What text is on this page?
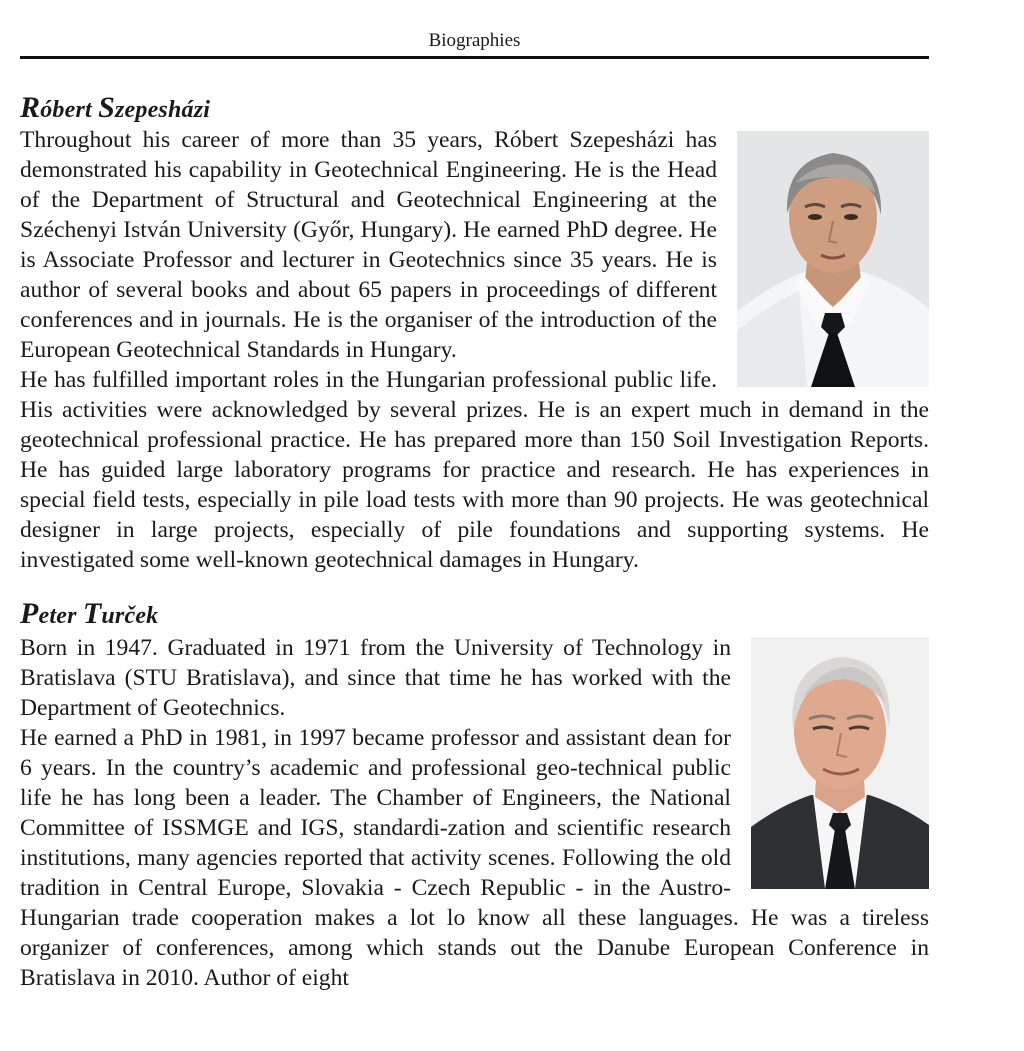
Biographies
Róbert Szepesházi

Throughout his career of more than 35 years, Róbert Szepesházi has demonstrated his capability in Geotechnical Engineering. He is the Head of the Department of Structural and Geotechnical Engineering at the Széchenyi István University (Győr, Hungary). He earned PhD degree. He is Associate Professor and lecturer in Geotechnics since 35 years. He is author of several books and about 65 papers in proceedings of different conferences and in journals. He is the organiser of the introduction of the European Geotechnical Standards in Hungary.

He has fulfilled important roles in the Hungarian professional public life. His activities were acknowledged by several prizes. He is an expert much in demand in the geotechnical professional practice. He has prepared more than 150 Soil Investigation Reports. He has guided large laboratory programs for practice and research. He has experiences in special field tests, especially in pile load tests with more than 90 projects. He was geotechnical designer in large projects, especially of pile foundations and supporting systems. He investigated some well-known geotechnical damages in Hungary.

Peter Turček

Born in 1947. Graduated in 1971 from the University of Technology in Bratislava (STU Bratislava), and since that time he has worked with the Department of Geotechnics.

He earned a PhD in 1981, in 1997 became professor and assistant dean for 6 years. In the country’s academic and professional geo-technical public life he has long been a leader. The Chamber of Engineers, the National Committee of ISSMGE and IGS, standardi-zation and scientific research institutions, many agencies reported that activity scenes. Following the old tradition in Central Europe, Slovakia - Czech Republic - in the Austro-Hungarian trade cooperation makes a lot lo know all these languages. He was a tireless organizer of conferences, among which stands out the Danube European Conference in Bratislava in 2010. Author of eight
